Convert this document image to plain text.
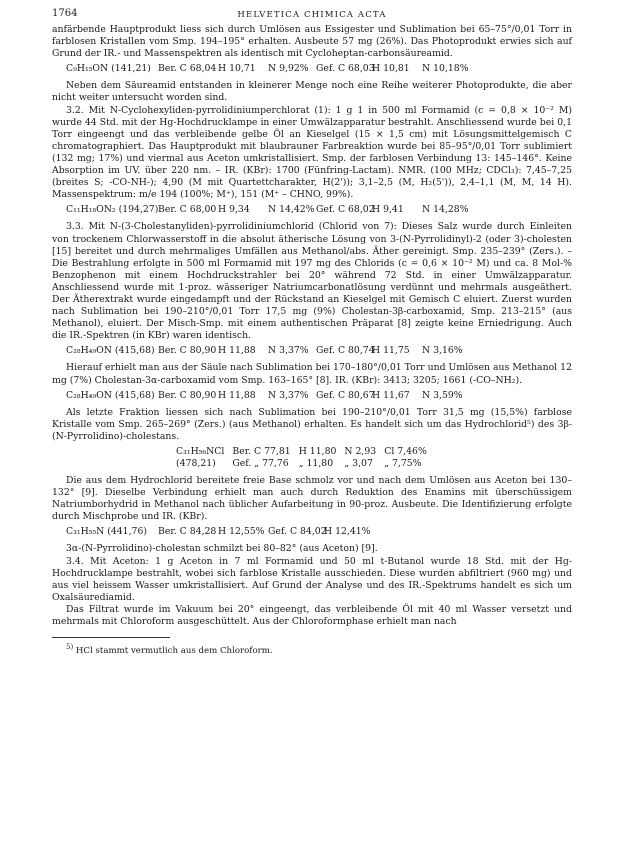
1764	HELVETICA CHIMICA ACTA

anfärbende Hauptprodukt liess sich durch Umlösen aus Essigester und Sublimation bei 65–75°/0,01 Torr in farblosen Kristallen vom Smp. 194–195° erhalten. Ausbeute 57 mg (26%). Das Photoprodukt erwies sich auf Grund der IR.- und Massenspektren als identisch mit Cycloheptan-carbonsäureamid.

C₉H₁₅ON (141,21) Ber. C 68,04 H 10,71 N 9,92% Gef. C 68,03H 10,81 N 10,18%

Neben dem Säureamid entstanden in kleinerer Menge noch eine Reihe weiterer Photoprodukte, die aber nicht weiter untersucht worden sind.

3.2. Mit N-Cyclohexyliden-pyrrolidiniumperchlorat (1): 1 g 1 in 500 ml Formamid (c = 0,8 × 10⁻² M) wurde 44 Std. mit der Hg-Hochdrucklampe in einer Umwälzapparatur bestrahlt. Anschliessend wurde bei 0,1 Torr eingeengt und das verbleibende gelbe Öl an Kieselgel (15 × 1,5 cm) mit Lösungsmittelgemisch C chromatographiert. Das Hauptprodukt mit blaubrauner Farbreaktion wurde bei 85–95°/0,01 Torr sublimiert (132 mg; 17%) und viermal aus Aceton umkristallisiert. Smp. der farblosen Verbindung 13: 145–146°. Keine Absorption im UV. über 220 nm. – IR. (KBr): 1700 (Fünfring-Lactam). NMR. (100 MHz; CDCl₃): 7,45–7,25 (breites S; -CO-NH-); 4,90 (M mit Quartettcharakter, H(2')); 3,1–2,5 (M, H₂(5')), 2,4–1,1 (M, M, 14 H). Massenspektrum: m/e 194 (100%; M⁺), 151 (M⁺ – CHNO, 99%).

C₁₁H₁₈ON₂ (194,27)Ber. C 68,00 H 9,34 N 14,42%Gef. C 68,02H 9,41 N 14,28%

3.3. Mit N-(3-Cholestanyliden)-pyrrolidiniumchlorid (Chlorid von 7): Dieses Salz wurde durch Einleiten von trockenem Chlorwasserstoff in die absolut ätherische Lösung von 3-(N-Pyrrolidinyl)-2 (oder 3)-cholesten [15] bereitet und durch mehrmaliges Umfällen aus Methanol/abs. Äther gereinigt. Smp. 235–239° (Zers.). – Die Bestrahlung erfolgte in 500 ml Formamid mit 197 mg des Chlorids (c = 0,6 × 10⁻² M) und ca. 8 Mol-% Benzophenon mit einem Hochdruckstrahler bei 20° während 72 Std. in einer Umwälzapparatur. Anschliessend wurde mit 1-proz. wässeriger Natriumcarbonatlösung verdünnt und mehrmals ausgeäthert. Der Ätherextrakt wurde eingedampft und der Rückstand an Kieselgel mit Gemisch C eluiert. Zuerst wurden nach Sublimation bei 190–210°/0,01 Torr 17,5 mg (9%) Cholestan-3β-carboxamid, Smp. 213–215° (aus Methanol), eluiert. Der Misch-Smp. mit einem authentischen Präparat [8] zeigte keine Erniedrigung. Auch die IR.-Spektren (in KBr) waren identisch.

C₂₈H₄₉ON (415,68) Ber. C 80,90 H 11,88 N 3,37% Gef. C 80,74H 11,75 N 3,16%

Hierauf erhielt man aus der Säule nach Sublimation bei 170–180°/0,01 Torr und Umlösen aus Methanol 12 mg (7%) Cholestan-3α-carboxamid vom Smp. 163–165° [8]. IR. (KBr): 3413; 3205; 1661 (-CO–NH₂).

C₂₈H₄₉ON (415,68) Ber. C 80,90 H 11,88 N 3,37% Gef. C 80,67H 11,67 N 3,59%

Als letzte Fraktion liessen sich nach Sublimation bei 190–210°/0,01 Torr 31,5 mg (15,5%) farblose Kristalle vom Smp. 265–269° (Zers.) (aus Methanol) erhalten. Es handelt sich um das Hydrochlorid⁵) des 3β-(N-Pyrrolidino)-cholestans.

C₃₁H₅₆NCl	Ber. C 77,81	H 11,80	N 2,93	Cl 7,46%
(478,21)	Gef. „ 77,76	„ 11,80	„ 3,07	„ 7,75%

Die aus dem Hydrochlorid bereitete freie Base schmolz vor und nach dem Umlösen aus Aceton bei 130–132° [9]. Dieselbe Verbindung erhielt man auch durch Reduktion des Enamins mit überschüssigem Natriumborhydrid in Methanol nach üblicher Aufarbeitung in 90-proz. Ausbeute. Die Identifizierung erfolgte durch Mischprobe und IR. (KBr).

C₃₁H₅₅N (441,76) Ber. C 84,28 H 12,55% Gef. C 84,02H 12,41%

3α-(N-Pyrrolidino)-cholestan schmilzt bei 80–82° (aus Aceton) [9].

3.4. Mit Aceton: 1 g Aceton in 7 ml Formamid und 50 ml t-Butanol wurde 18 Std. mit der Hg-Hochdrucklampe bestrahlt, wobei sich farblose Kristalle ausschieden. Diese wurden abfiltriert (960 mg) und aus viel heissem Wasser umkristallisiert. Auf Grund der Analyse und des IR.-Spektrums handelt es sich um Oxalsäurediamid.

Das Filtrat wurde im Vakuum bei 20° eingeengt, das verbleibende Öl mit 40 ml Wasser versetzt und mehrmals mit Chloroform ausgeschüttelt. Aus der Chloroformphase erhielt man nach

$^{5)}$ HCl stammt vermutlich aus dem Chloroform.
